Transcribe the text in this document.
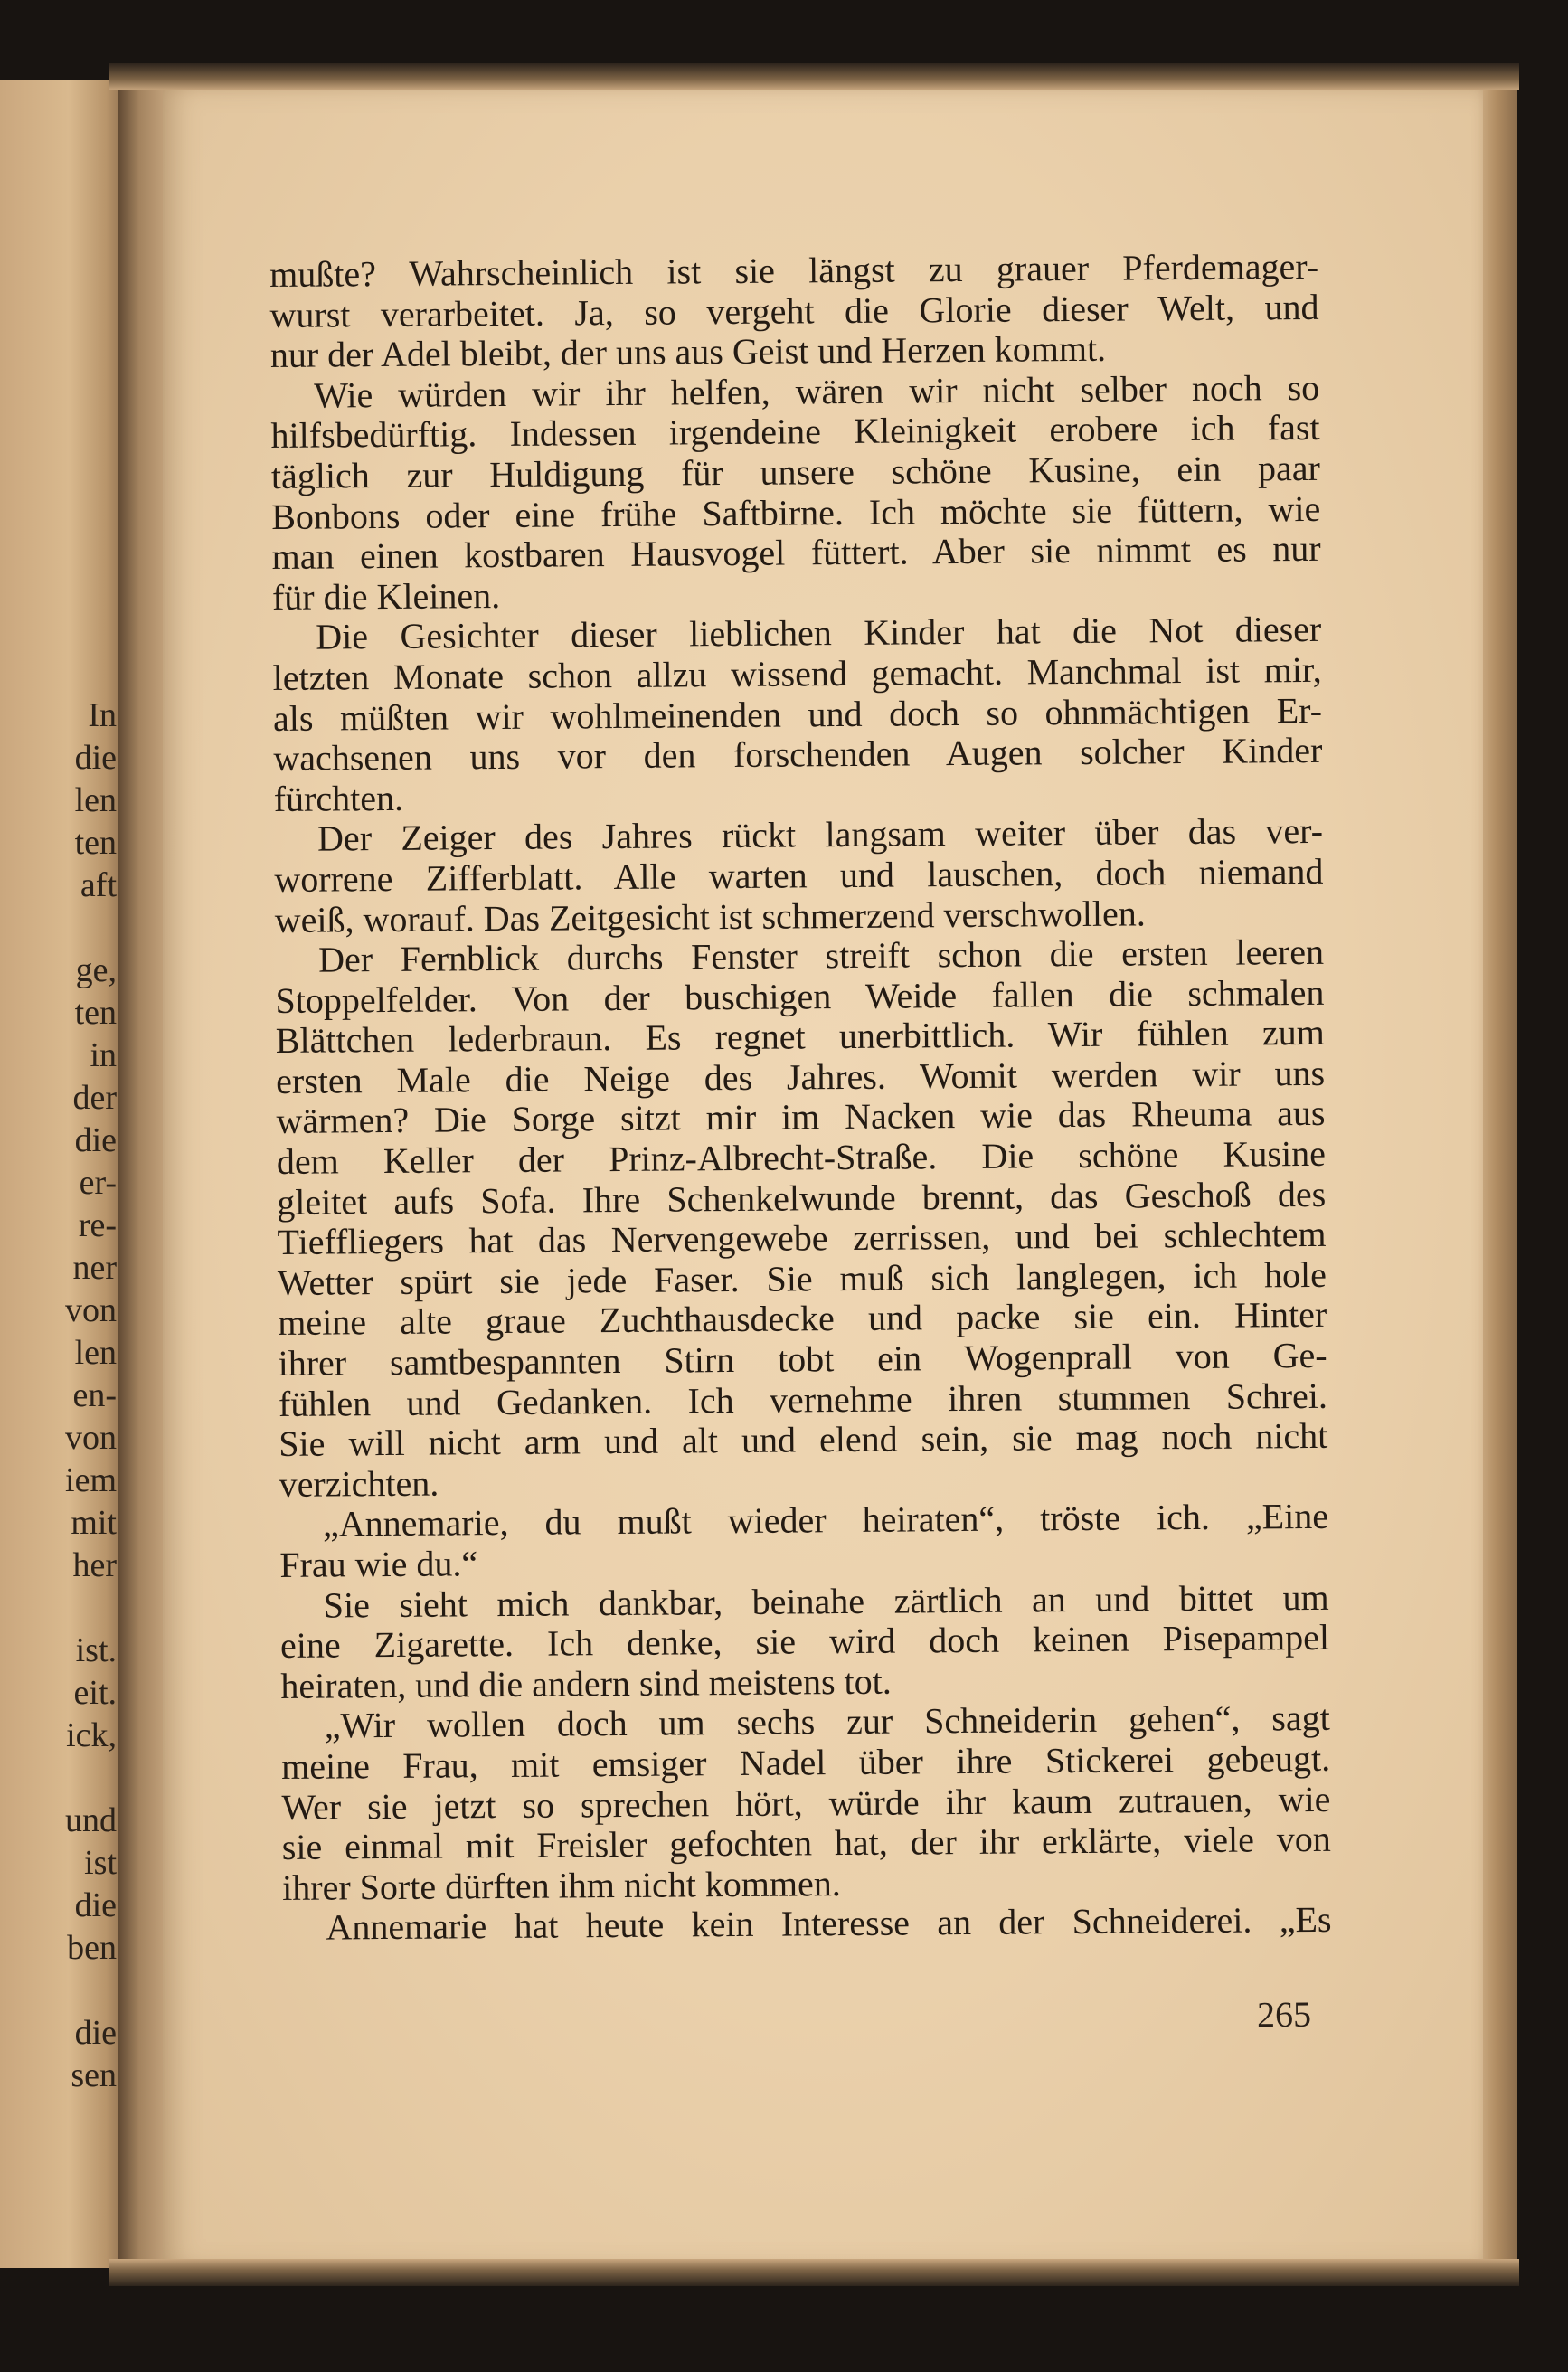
In
die
len
ten
aft
ge,
ten
in
der
die
er-
re-
ner
von
len
en-
von
iem
mit
her
ist.
eit.
ick,
und
ist
die
ben
die
sen
mußte? Wahrscheinlich ist sie längst zu grauer Pferdemager-
wurst verarbeitet. Ja, so vergeht die Glorie dieser Welt, und
nur der Adel bleibt, der uns aus Geist und Herzen kommt.
Wie würden wir ihr helfen, wären wir nicht selber noch so
hilfsbedürftig. Indessen irgendeine Kleinigkeit erobere ich fast
täglich zur Huldigung für unsere schöne Kusine, ein paar
Bonbons oder eine frühe Saftbirne. Ich möchte sie füttern, wie
man einen kostbaren Hausvogel füttert. Aber sie nimmt es nur
für die Kleinen.
Die Gesichter dieser lieblichen Kinder hat die Not dieser
letzten Monate schon allzu wissend gemacht. Manchmal ist mir,
als müßten wir wohlmeinenden und doch so ohnmächtigen Er-
wachsenen uns vor den forschenden Augen solcher Kinder
fürchten.
Der Zeiger des Jahres rückt langsam weiter über das ver-
worrene Zifferblatt. Alle warten und lauschen, doch niemand
weiß, worauf. Das Zeitgesicht ist schmerzend verschwollen.
Der Fernblick durchs Fenster streift schon die ersten leeren
Stoppelfelder. Von der buschigen Weide fallen die schmalen
Blättchen lederbraun. Es regnet unerbittlich. Wir fühlen zum
ersten Male die Neige des Jahres. Womit werden wir uns
wärmen? Die Sorge sitzt mir im Nacken wie das Rheuma aus
dem Keller der Prinz-Albrecht-Straße. Die schöne Kusine
gleitet aufs Sofa. Ihre Schenkelwunde brennt, das Geschoß des
Tieffliegers hat das Nervengewebe zerrissen, und bei schlechtem
Wetter spürt sie jede Faser. Sie muß sich langlegen, ich hole
meine alte graue Zuchthausdecke und packe sie ein. Hinter
ihrer samtbespannten Stirn tobt ein Wogenprall von Ge-
fühlen und Gedanken. Ich vernehme ihren stummen Schrei.
Sie will nicht arm und alt und elend sein, sie mag noch nicht
verzichten.
„Annemarie, du mußt wieder heiraten“, tröste ich. „Eine
Frau wie du.“
Sie sieht mich dankbar, beinahe zärtlich an und bittet um
eine Zigarette. Ich denke, sie wird doch keinen Pisepampel
heiraten, und die andern sind meistens tot.
„Wir wollen doch um sechs zur Schneiderin gehen“, sagt
meine Frau, mit emsiger Nadel über ihre Stickerei gebeugt.
Wer sie jetzt so sprechen hört, würde ihr kaum zutrauen, wie
sie einmal mit Freisler gefochten hat, der ihr erklärte, viele von
ihrer Sorte dürften ihm nicht kommen.
Annemarie hat heute kein Interesse an der Schneiderei. „Es
265
